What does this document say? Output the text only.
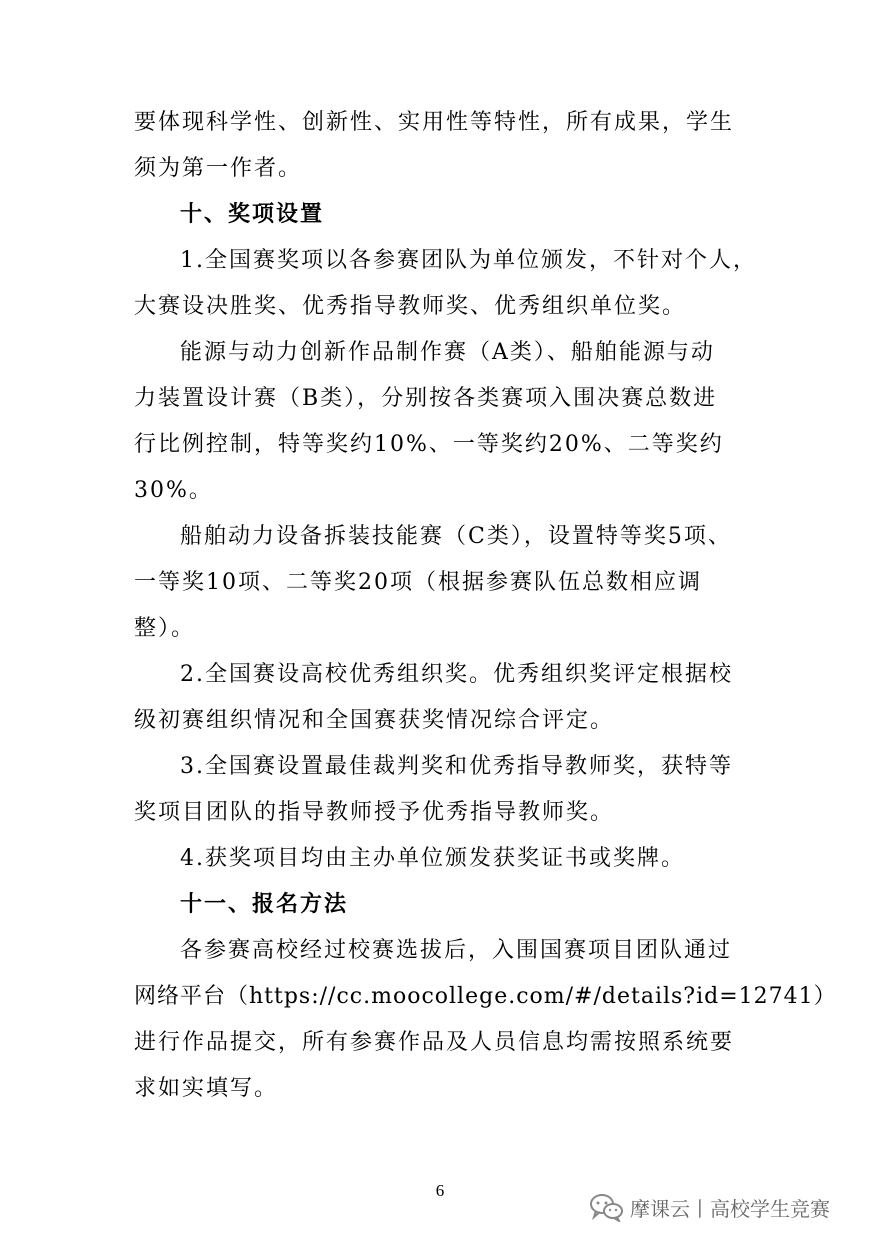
要体现科学性、创新性、实用性等特性，所有成果，学生
须为第一作者。
十、奖项设置
1.全国赛奖项以各参赛团队为单位颁发，不针对个人，
大赛设决胜奖、优秀指导教师奖、优秀组织单位奖。
能源与动力创新作品制作赛（A类）、船舶能源与动
力装置设计赛（B类），分别按各类赛项入围决赛总数进
行比例控制，特等奖约10%、一等奖约20%、二等奖约
30%。
船舶动力设备拆装技能赛（C类），设置特等奖5项、
一等奖10项、二等奖20项（根据参赛队伍总数相应调
整）。
2.全国赛设高校优秀组织奖。优秀组织奖评定根据校
级初赛组织情况和全国赛获奖情况综合评定。
3.全国赛设置最佳裁判奖和优秀指导教师奖，获特等
奖项目团队的指导教师授予优秀指导教师奖。
4.获奖项目均由主办单位颁发获奖证书或奖牌。
十一、报名方法
各参赛高校经过校赛选拔后，入围国赛项目团队通过
网络平台（https://cc.moocollege.com/#/details?id=12741）
进行作品提交，所有参赛作品及人员信息均需按照系统要
求如实填写。
6
摩课云丨高校学生竞赛
